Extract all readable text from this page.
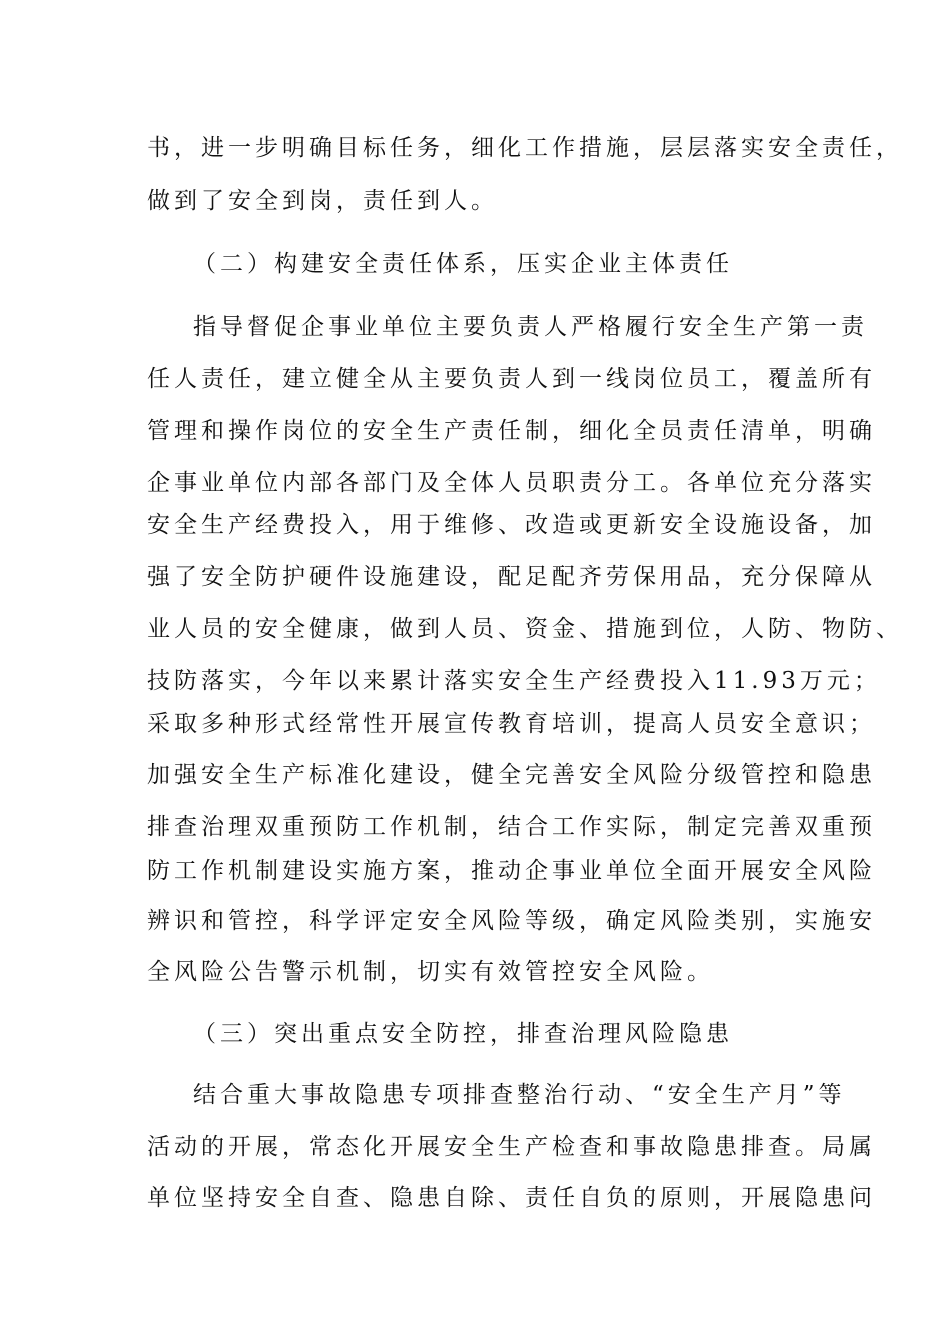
书，进一步明确目标任务，细化工作措施，层层落实安全责任，

做到了安全到岗，责任到人。

（二）构建安全责任体系，压实企业主体责任

指导督促企事业单位主要负责人严格履行安全生产第一责

任人责任，建立健全从主要负责人到一线岗位员工，覆盖所有

管理和操作岗位的安全生产责任制，细化全员责任清单，明确

企事业单位内部各部门及全体人员职责分工。各单位充分落实

安全生产经费投入，用于维修、改造或更新安全设施设备，加

强了安全防护硬件设施建设，配足配齐劳保用品，充分保障从

业人员的安全健康，做到人员、资金、措施到位，人防、物防、

技防落实，今年以来累计落实安全生产经费投入11.93万元；

采取多种形式经常性开展宣传教育培训，提高人员安全意识；

加强安全生产标准化建设，健全完善安全风险分级管控和隐患

排查治理双重预防工作机制，结合工作实际，制定完善双重预

防工作机制建设实施方案，推动企事业单位全面开展安全风险

辨识和管控，科学评定安全风险等级，确定风险类别，实施安

全风险公告警示机制，切实有效管控安全风险。

（三）突出重点安全防控，排查治理风险隐患

结合重大事故隐患专项排查整治行动、“安全生产月”等

活动的开展，常态化开展安全生产检查和事故隐患排查。局属

单位坚持安全自查、隐患自除、责任自负的原则，开展隐患问
